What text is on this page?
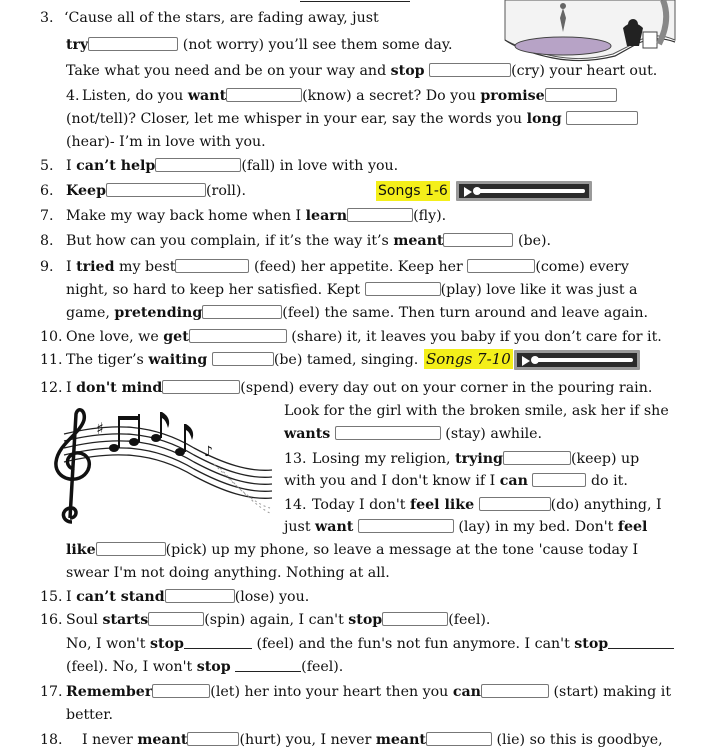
3. ‘Cause all of the stars, are fading away, just
try	(not worry) you’ll see them some day.
Take what you need and be on your way and stop	(cry) your heart out.
4. Listen, do you want	(know) a secret? Do you promise
(not/tell)? Closer, let me whisper in your ear, say the words you long
(hear)- I’m in love with you.
5. I can’t help	(fall) in love with you.
6. Keep	(roll).	Songs 1-6
7. Make my way back home when I learn	(fly).
8. But how can you complain, if it’s the way it’s meant	(be).
9. I tried my best	(feed) her appetite. Keep her	(come) every
night, so hard to keep her satisfied. Kept	(play) love like it was just a
game, pretending	(feel) the same. Then turn around and leave again.
10. One love, we get	(share) it, it leaves you baby if you don’t care for it.
11. The tiger’s waiting	(be) tamed, singing. Songs 7-10
12. I don't mind	(spend) every day out on your corner in the pouring rain.
♯
♪
Look for the girl with the broken smile, ask her if she
wants	(stay) awhile.
13. Losing my religion, trying	(keep) up
with you and I don't know if I can	do it.
14. Today I don't feel like	(do) anything, I
just want	(lay) in my bed. Don't feel
like	(pick) up my phone, so leave a message at the tone 'cause today I
swear I'm not doing anything. Nothing at all.
15. I can’t stand	(lose) you.
16. Soul starts	(spin) again, I can't stop	(feel).
No, I won't stop	(feel) and the fun's not fun anymore. I can't stop
(feel). No, I won't stop	(feel).
17. Remember	(let) her into your heart then you can	(start) making it
better.
18. I never meant	(hurt) you, I never meant	(lie) so this is goodbye,
